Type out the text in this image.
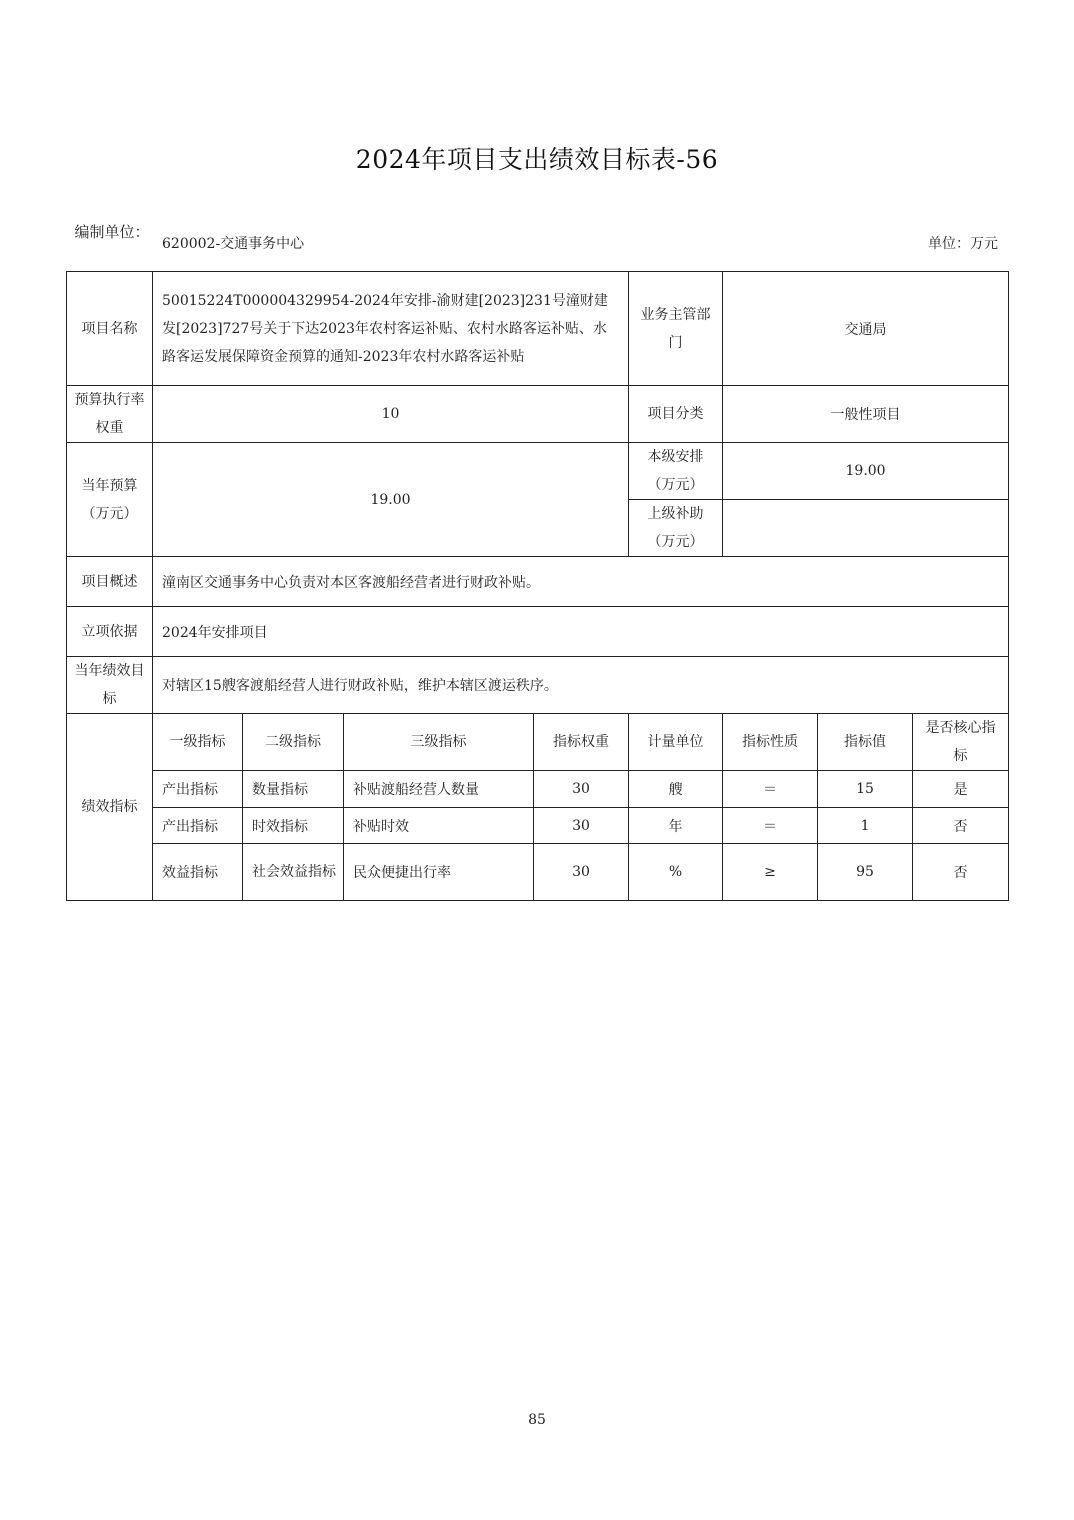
2024年项目支出绩效目标表-56
编制单位：
620002-交通事务中心	单位：万元
项目名称	50015224T000004329954-2024年安排-渝财建[2023]231号潼财建发[2023]727号关于下达2023年农村客运补贴、农村水路客运补贴、水路客运发展保障资金预算的通知-2023年农村水路客运补贴				业务主管部门	交通局		

预算执行率权重	10				项目分类	一般性项目		

当年预算（万元）	19.00				本级安排（万元）	19.00		

					上级补助（万元）			

项目概述	潼南区交通事务中心负责对本区客渡船经营者进行财政补贴。							
立项依据	2024年安排项目							

当年绩效目标	对辖区15艘客渡船经营人进行财政补贴，维护本辖区渡运秩序。							
绩效指标	一级指标	二级指标	三级指标	指标权重	计量单位	指标性质	指标值	是否核心指标

	产出指标	数量指标	补贴渡船经营人数量	30	艘	＝	15	是
	产出指标	时效指标	补贴时效	30	年	＝	1	否
	效益指标	社会效益指标	民众便捷出行率	30	%	≥	95	否
85
